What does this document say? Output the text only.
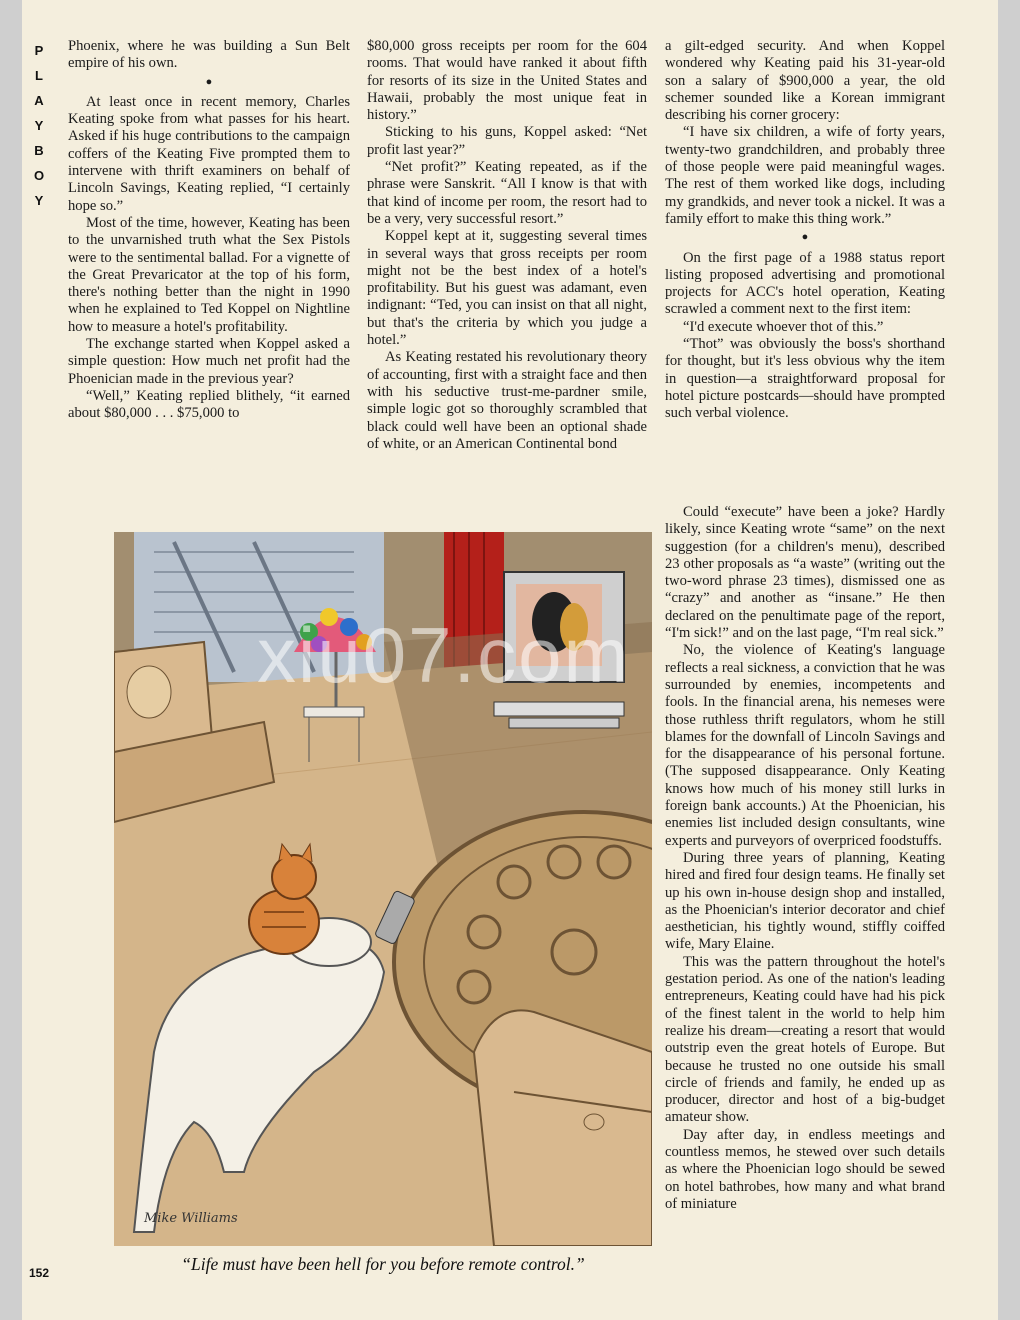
P
L
A
Y
B
O
Y

Phoenix, where he was building a Sun Belt empire of his own.

●

At least once in recent memory, Charles Keating spoke from what passes for his heart. Asked if his huge contributions to the campaign coffers of the Keating Five prompted them to intervene with thrift examiners on behalf of Lincoln Savings, Keating replied, “I certainly hope so.”

Most of the time, however, Keating has been to the unvarnished truth what the Sex Pistols were to the sentimental ballad. For a vignette of the Great Prevaricator at the top of his form, there's nothing better than the night in 1990 when he explained to Ted Koppel on Nightline how to measure a hotel's profitability.

The exchange started when Koppel asked a simple question: How much net profit had the Phoenician made in the previous year?

“Well,” Keating replied blithely, “it earned about $80,000 . . . $75,000 to

$80,000 gross receipts per room for the 604 rooms. That would have ranked it about fifth for resorts of its size in the United States and Hawaii, probably the most unique feat in history.”

Sticking to his guns, Koppel asked: “Net profit last year?”

“Net profit?” Keating repeated, as if the phrase were Sanskrit. “All I know is that with that kind of income per room, the resort had to be a very, very successful resort.”

Koppel kept at it, suggesting several times in several ways that gross receipts per room might not be the best index of a hotel's profitability. But his guest was adamant, even indignant: “Ted, you can insist on that all night, but that's the criteria by which you judge a hotel.”

As Keating restated his revolutionary theory of accounting, first with a straight face and then with his seductive trust-me-pardner smile, simple logic got so thoroughly scrambled that black could well have been an optional shade of white, or an American Continental bond

a gilt-edged security. And when Koppel wondered why Keating paid his 31-year-old son a salary of $900,000 a year, the old schemer sounded like a Korean immigrant describing his corner grocery:

“I have six children, a wife of forty years, twenty-two grandchildren, and probably three of those people were paid meaningful wages. The rest of them worked like dogs, including my grandkids, and never took a nickel. It was a family effort to make this thing work.”

●

On the first page of a 1988 status report listing proposed advertising and promotional projects for ACC's hotel operation, Keating scrawled a comment next to the first item:

“I'd execute whoever thot of this.”

“Thot” was obviously the boss's shorthand for thought, but it's less obvious why the item in question—a straightforward proposal for hotel picture postcards—should have prompted such verbal violence.

Could “execute” have been a joke? Hardly likely, since Keating wrote “same” on the next suggestion (for a children's menu), described 23 other proposals as “a waste” (writing out the two-word phrase 23 times), dismissed one as “crazy” and another as “insane.” He then declared on the penultimate page of the report, “I'm sick!” and on the last page, “I'm real sick.”

No, the violence of Keating's language reflects a real sickness, a conviction that he was surrounded by enemies, incompetents and fools. In the financial arena, his nemeses were those ruthless thrift regulators, whom he still blames for the downfall of Lincoln Savings and for the disappearance of his personal fortune. (The supposed disappearance. Only Keating knows how much of his money still lurks in foreign bank accounts.) At the Phoenician, his enemies list included design consultants, wine experts and purveyors of overpriced foodstuffs.

During three years of planning, Keating hired and fired four design teams. He finally set up his own in-house design shop and installed, as the Phoenician's interior decorator and chief aesthetician, his tightly wound, stiffly coiffed wife, Mary Elaine.

This was the pattern throughout the hotel's gestation period. As one of the nation's leading entrepreneurs, Keating could have had his pick of the finest talent in the world to help him realize his dream—creating a resort that would outstrip even the great hotels of Europe. But because he trusted no one outside his small circle of friends and family, he ended up as producer, director and host of a big-budget amateur show.

Day after day, in endless meetings and countless memos, he stewed over such details as where the Phoenician logo should be sewed on hotel bathrobes, how many and what brand of miniature

Mike Williams
“Life must have been hell for you before remote control.”
152
xiu07.com
